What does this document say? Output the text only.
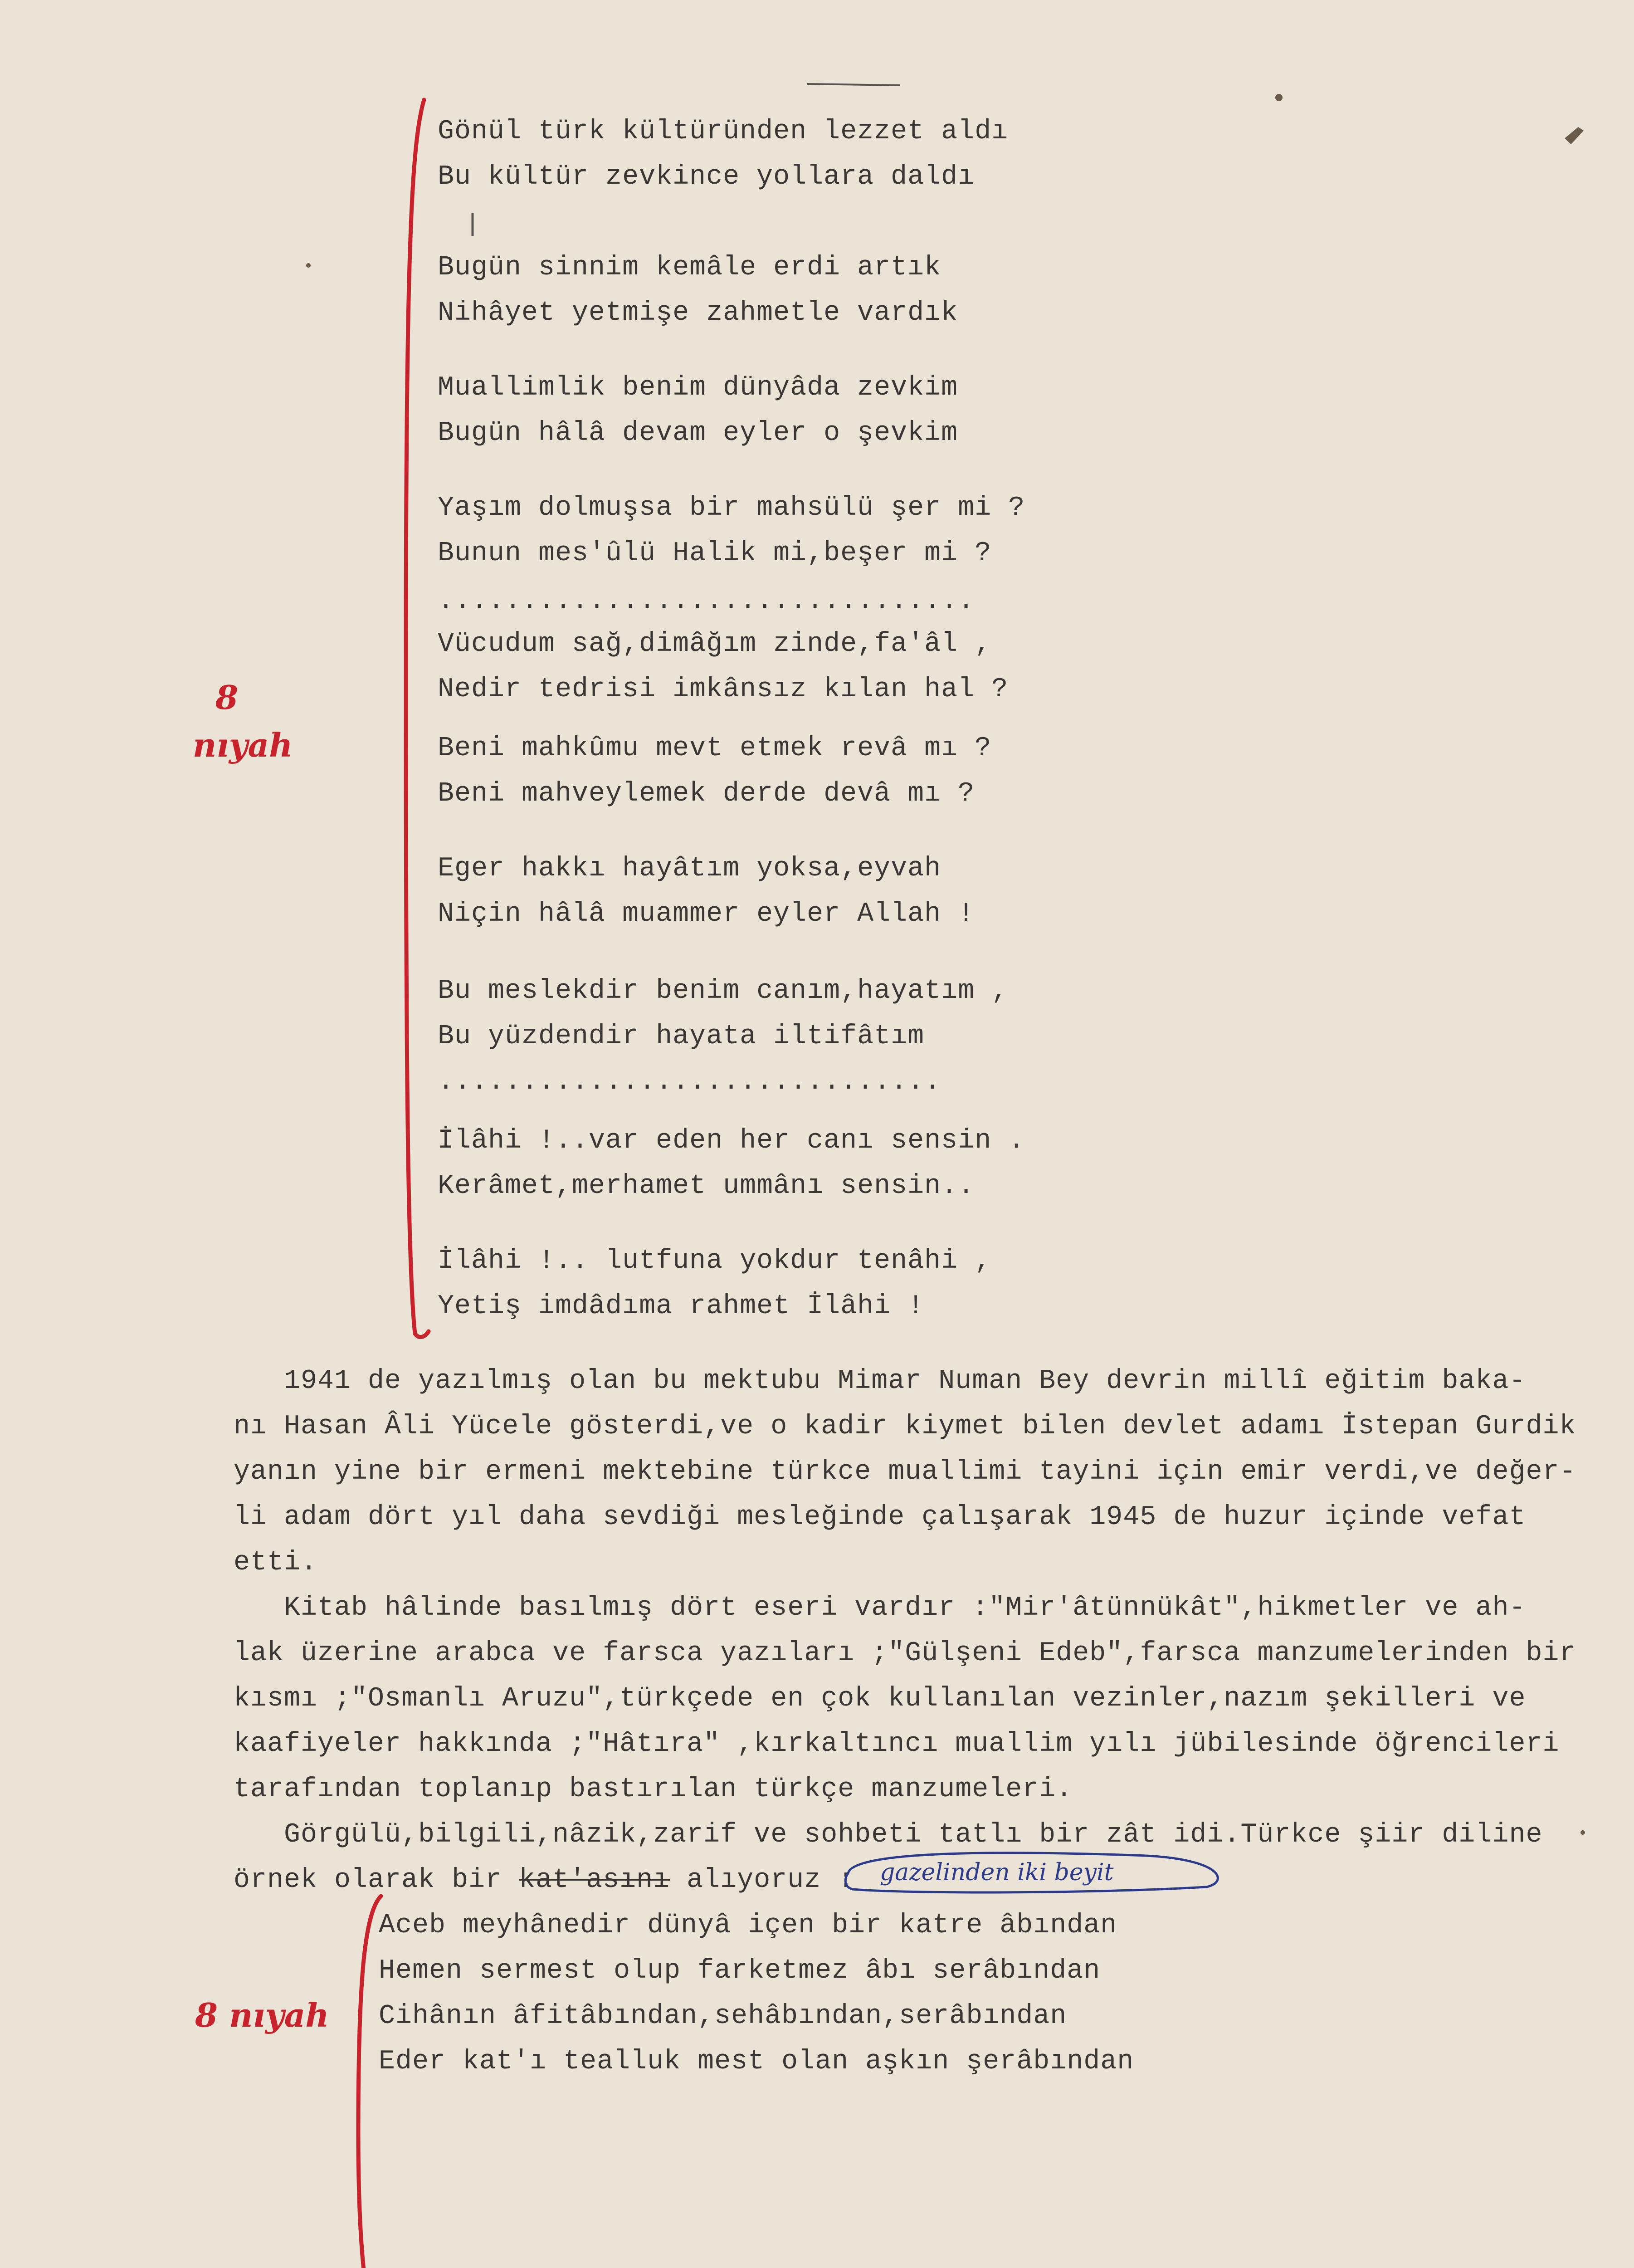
Gönül türk kültüründen lezzet aldı

Bu kültür zevkince yollara daldı

Bugün sinnim kemâle erdi artık

Nihâyet yetmişe zahmetle vardık

Muallimlik benim dünyâda zevkim

Bugün hâlâ devam eyler o şevkim

Yaşım dolmuşsa bir mahsülü şer mi ?

Bunun mes'ûlü Halik mi,beşer mi ?

................................

Vücudum sağ,dimâğım zinde,fa'âl ,

Nedir tedrisi imkânsız kılan hal ?

Beni mahkûmu mevt etmek revâ mı ?

Beni mahveylemek derde devâ mı ?

Eger hakkı hayâtım yoksa,eyvah

Niçin hâlâ muammer eyler Allah !

Bu meslekdir benim canım,hayatım ,

Bu yüzdendir hayata iltifâtım

..............................

İlâhi !..var eden her canı sensin .

Kerâmet,merhamet ummânı sensin..

İlâhi !.. lutfuna yokdur tenâhi ,

Yetiş imdâdıma rahmet İlâhi !

1941 de yazılmış olan bu mektubu Mimar Numan Bey devrin millî eğitim baka-

nı Hasan Âli Yücele gösterdi,ve o kadir kiymet bilen devlet adamı İstepan Gurdik

yanın yine bir ermeni mektebine türkce muallimi tayini için emir verdi,ve değer-

li adam dört yıl daha sevdiği mesleğinde çalışarak 1945 de huzur içinde vefat

etti.

Kitab hâlinde basılmış dört eseri vardır :"Mir'âtünnükât",hikmetler ve ah-

lak üzerine arabca ve farsca yazıları ;"Gülşeni Edeb",farsca manzumelerinden bir

kısmı ;"Osmanlı Aruzu",türkçede en çok kullanılan vezinler,nazım şekilleri ve

kaafiyeler hakkında ;"Hâtıra" ,kırkaltıncı muallim yılı jübilesinde öğrencileri

tarafından toplanıp bastırılan türkçe manzumeleri.

Görgülü,bilgili,nâzik,zarif ve sohbeti tatlı bir zât idi.Türkce şiir diline

örnek olarak bir kat'asını alıyoruz : gazelinden iki beyit

Aceb meyhânedir dünyâ içen bir katre âbından

Hemen sermest olup farketmez âbı serâbından

Cihânın âfitâbından,sehâbından,serâbından

Eder kat'ı tealluk mest olan aşkın şerâbından

8

nıyah

8 nıyah
